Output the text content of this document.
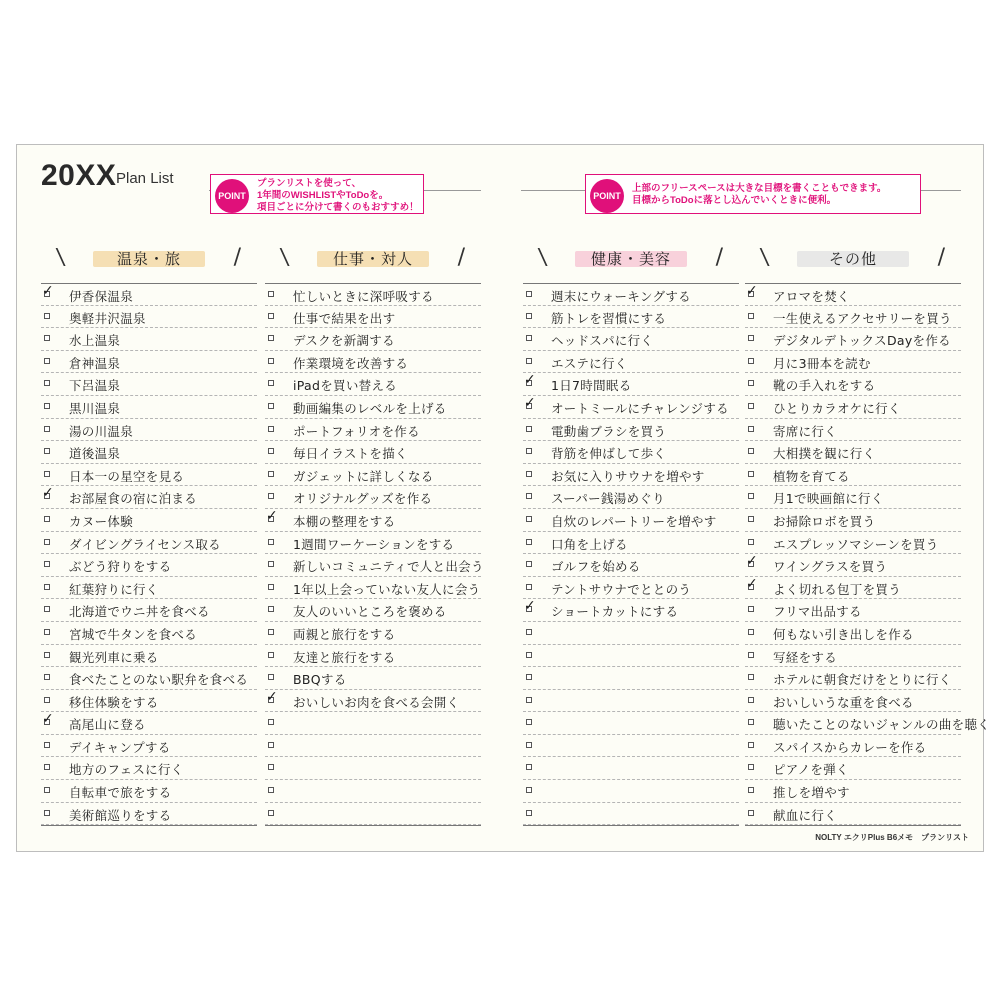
20XX Plan List
POINT
プランリストを使って、
1年間のWISHLISTやToDoを。
項目ごとに分けて書くのもおすすめ！
POINT
上部のフリースペースは大きな目標を書くこともできます。
目標からToDoに落とし込んでいくときに便利。
\	/
温泉・旅
✓ 伊香保温泉
奥軽井沢温泉
水上温泉
倉神温泉
下呂温泉
黒川温泉
湯の川温泉
道後温泉
日本一の星空を見る
✓ お部屋食の宿に泊まる
カヌー体験
ダイビングライセンス取る
ぶどう狩りをする
紅葉狩りに行く
北海道でウニ丼を食べる
宮城で牛タンを食べる
観光列車に乗る
食べたことのない駅弁を食べる
移住体験をする
✓ 高尾山に登る
デイキャンプする
地方のフェスに行く
自転車で旅をする
美術館巡りをする
\	/
仕事・対人
忙しいときに深呼吸する
仕事で結果を出す
デスクを新調する
作業環境を改善する
iPadを買い替える
動画編集のレベルを上げる
ポートフォリオを作る
毎日イラストを描く
ガジェットに詳しくなる
オリジナルグッズを作る
✓ 本棚の整理をする
1週間ワーケーションをする
新しいコミュニティで人と出会う
1年以上会っていない友人に会う
友人のいいところを褒める
両親と旅行をする
友達と旅行をする
BBQする
✓ おいしいお肉を食べる会開く
\	/
健康・美容
週末にウォーキングする
筋トレを習慣にする
ヘッドスパに行く
エステに行く
✓ 1日7時間眠る
✓ オートミールにチャレンジする
電動歯ブラシを買う
背筋を伸ばして歩く
お気に入りサウナを増やす
スーパー銭湯めぐり
自炊のレパートリーを増やす
口角を上げる
ゴルフを始める
テントサウナでととのう
✓ ショートカットにする
\	/
その他
✓ アロマを焚く
一生使えるアクセサリーを買う
デジタルデトックスDayを作る
月に3冊本を読む
靴の手入れをする
ひとりカラオケに行く
寄席に行く
大相撲を観に行く
植物を育てる
月1で映画館に行く
お掃除ロボを買う
エスプレッソマシーンを買う
✓ ワイングラスを買う
✓ よく切れる包丁を買う
フリマ出品する
何もない引き出しを作る
写経をする
ホテルに朝食だけをとりに行く
おいしいうな重を食べる
聴いたことのないジャンルの曲を聴く
スパイスからカレーを作る
ピアノを弾く
推しを増やす
献血に行く
NOLTY エクリPlus B6メモ　プランリスト
